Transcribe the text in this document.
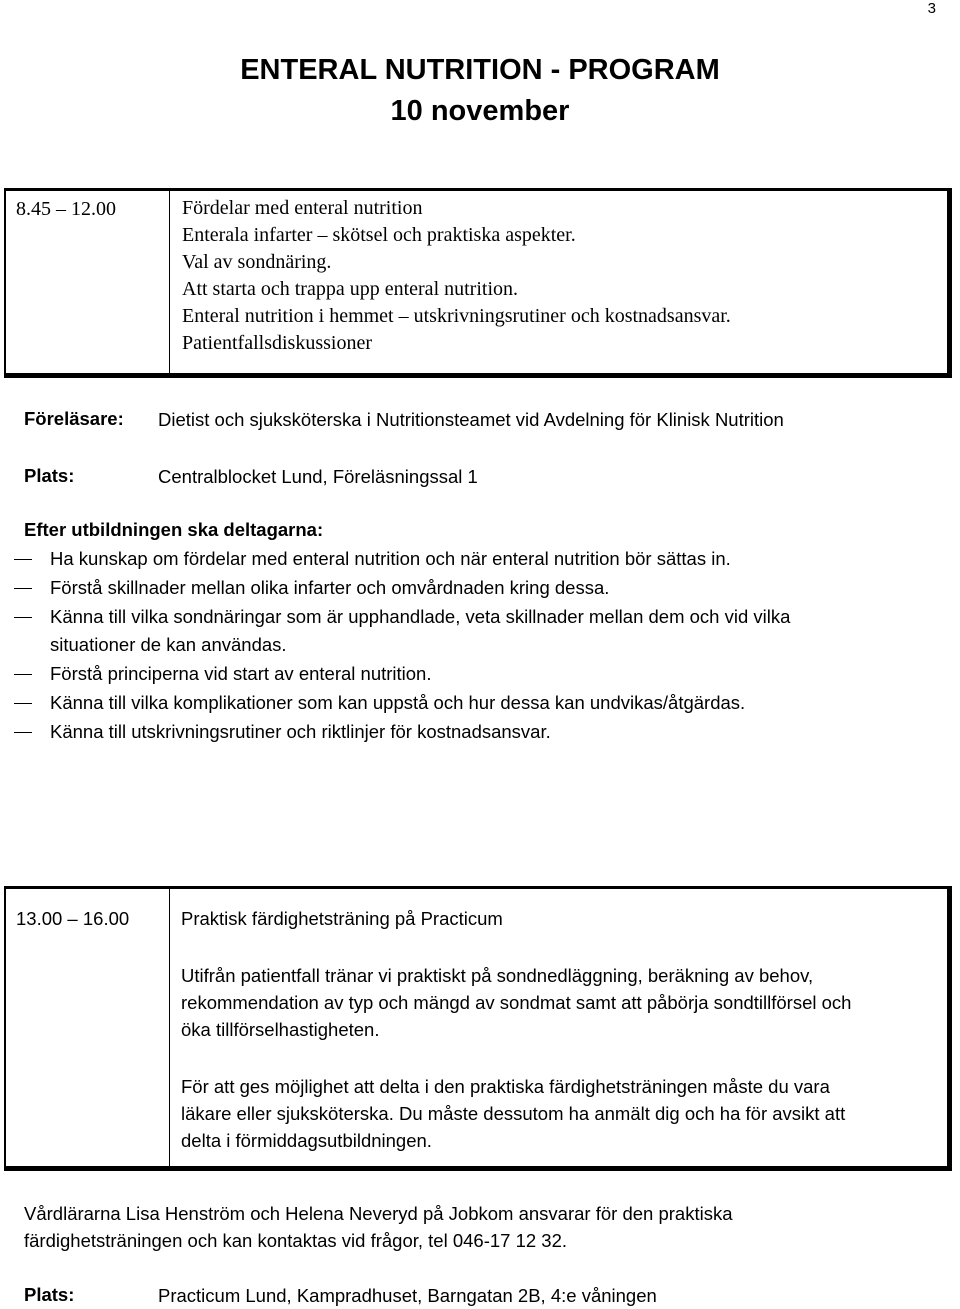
3
ENTERAL NUTRITION - PROGRAM
10 november
8.45 – 12.00	Fördelar med enteral nutrition
Enterala infarter – skötsel och praktiska aspekter.
Val av sondnäring.
Att starta och trappa upp enteral nutrition.
Enteral nutrition i hemmet – utskrivningsrutiner och kostnadsansvar.
Patientfallsdiskussioner
Föreläsare: Dietist och sjuksköterska i Nutritionsteamet vid Avdelning för Klinisk Nutrition
Plats:	Centralblocket Lund, Föreläsningssal 1
Efter utbildningen ska deltagarna:
Ha kunskap om fördelar med enteral nutrition och när enteral nutrition bör sättas in.
Förstå skillnader mellan olika infarter och omvårdnaden kring dessa.
Känna till vilka sondnäringar som är upphandlade, veta skillnader mellan dem och vid vilka
situationer de kan användas.
Förstå principerna vid start av enteral nutrition.
Känna till vilka komplikationer som kan uppstå och hur dessa kan undvikas/åtgärdas.
Känna till utskrivningsrutiner och riktlinjer för kostnadsansvar.
13.00 – 16.00	Praktisk färdighetsträning på Practicum

Utifrån patientfall tränar vi praktiskt på sondnedläggning, beräkning av behov,

rekommendation av typ och mängd av sondmat samt att påbörja sondtillförsel och

öka tillförselhastigheten.

För att ges möjlighet att delta i den praktiska färdighetsträningen måste du vara

läkare eller sjuksköterska. Du måste dessutom ha anmält dig och ha för avsikt att

delta i förmiddagsutbildningen.

Vårdlärarna Lisa Henström och Helena Neveryd på Jobkom ansvarar för den praktiska

färdighetsträningen och kan kontaktas vid frågor, tel 046-17 12 32.

Plats:	Practicum Lund, Kampradhuset, Barngatan 2B, 4:e våningen
